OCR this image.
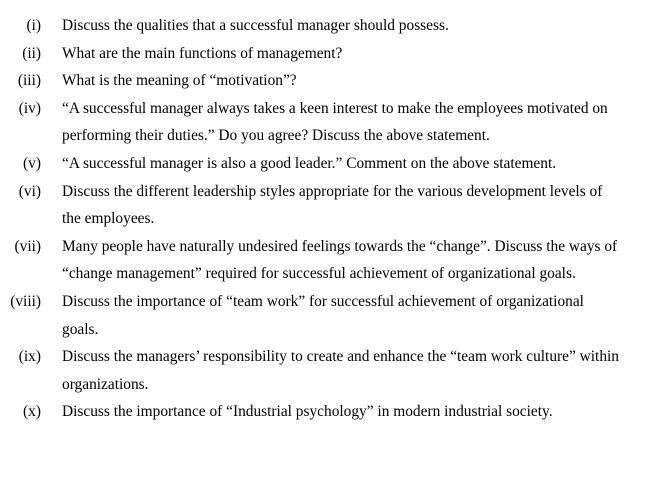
(i)	Discuss the qualities that a successful manager should possess.
(ii)	What are the main functions of management?
(iii)	What is the meaning of “motivation”?
(iv)	“A successful manager always takes a keen interest to make the employees motivated on performing their duties.” Do you agree? Discuss the above statement.
(v)	“A successful manager is also a good leader.” Comment on the above statement.
(vi)	Discuss the different leadership styles appropriate for the various development levels of the employees.
(vii)	Many people have naturally undesired feelings towards the “change”. Discuss the ways of “change management” required for successful achievement of organizational goals.
(viii)	Discuss the importance of “team work” for successful achievement of organizational goals.
(ix)	Discuss the managers’ responsibility to create and enhance the “team work culture” within organizations.
(x)	Discuss the importance of “Industrial psychology” in modern industrial society.
